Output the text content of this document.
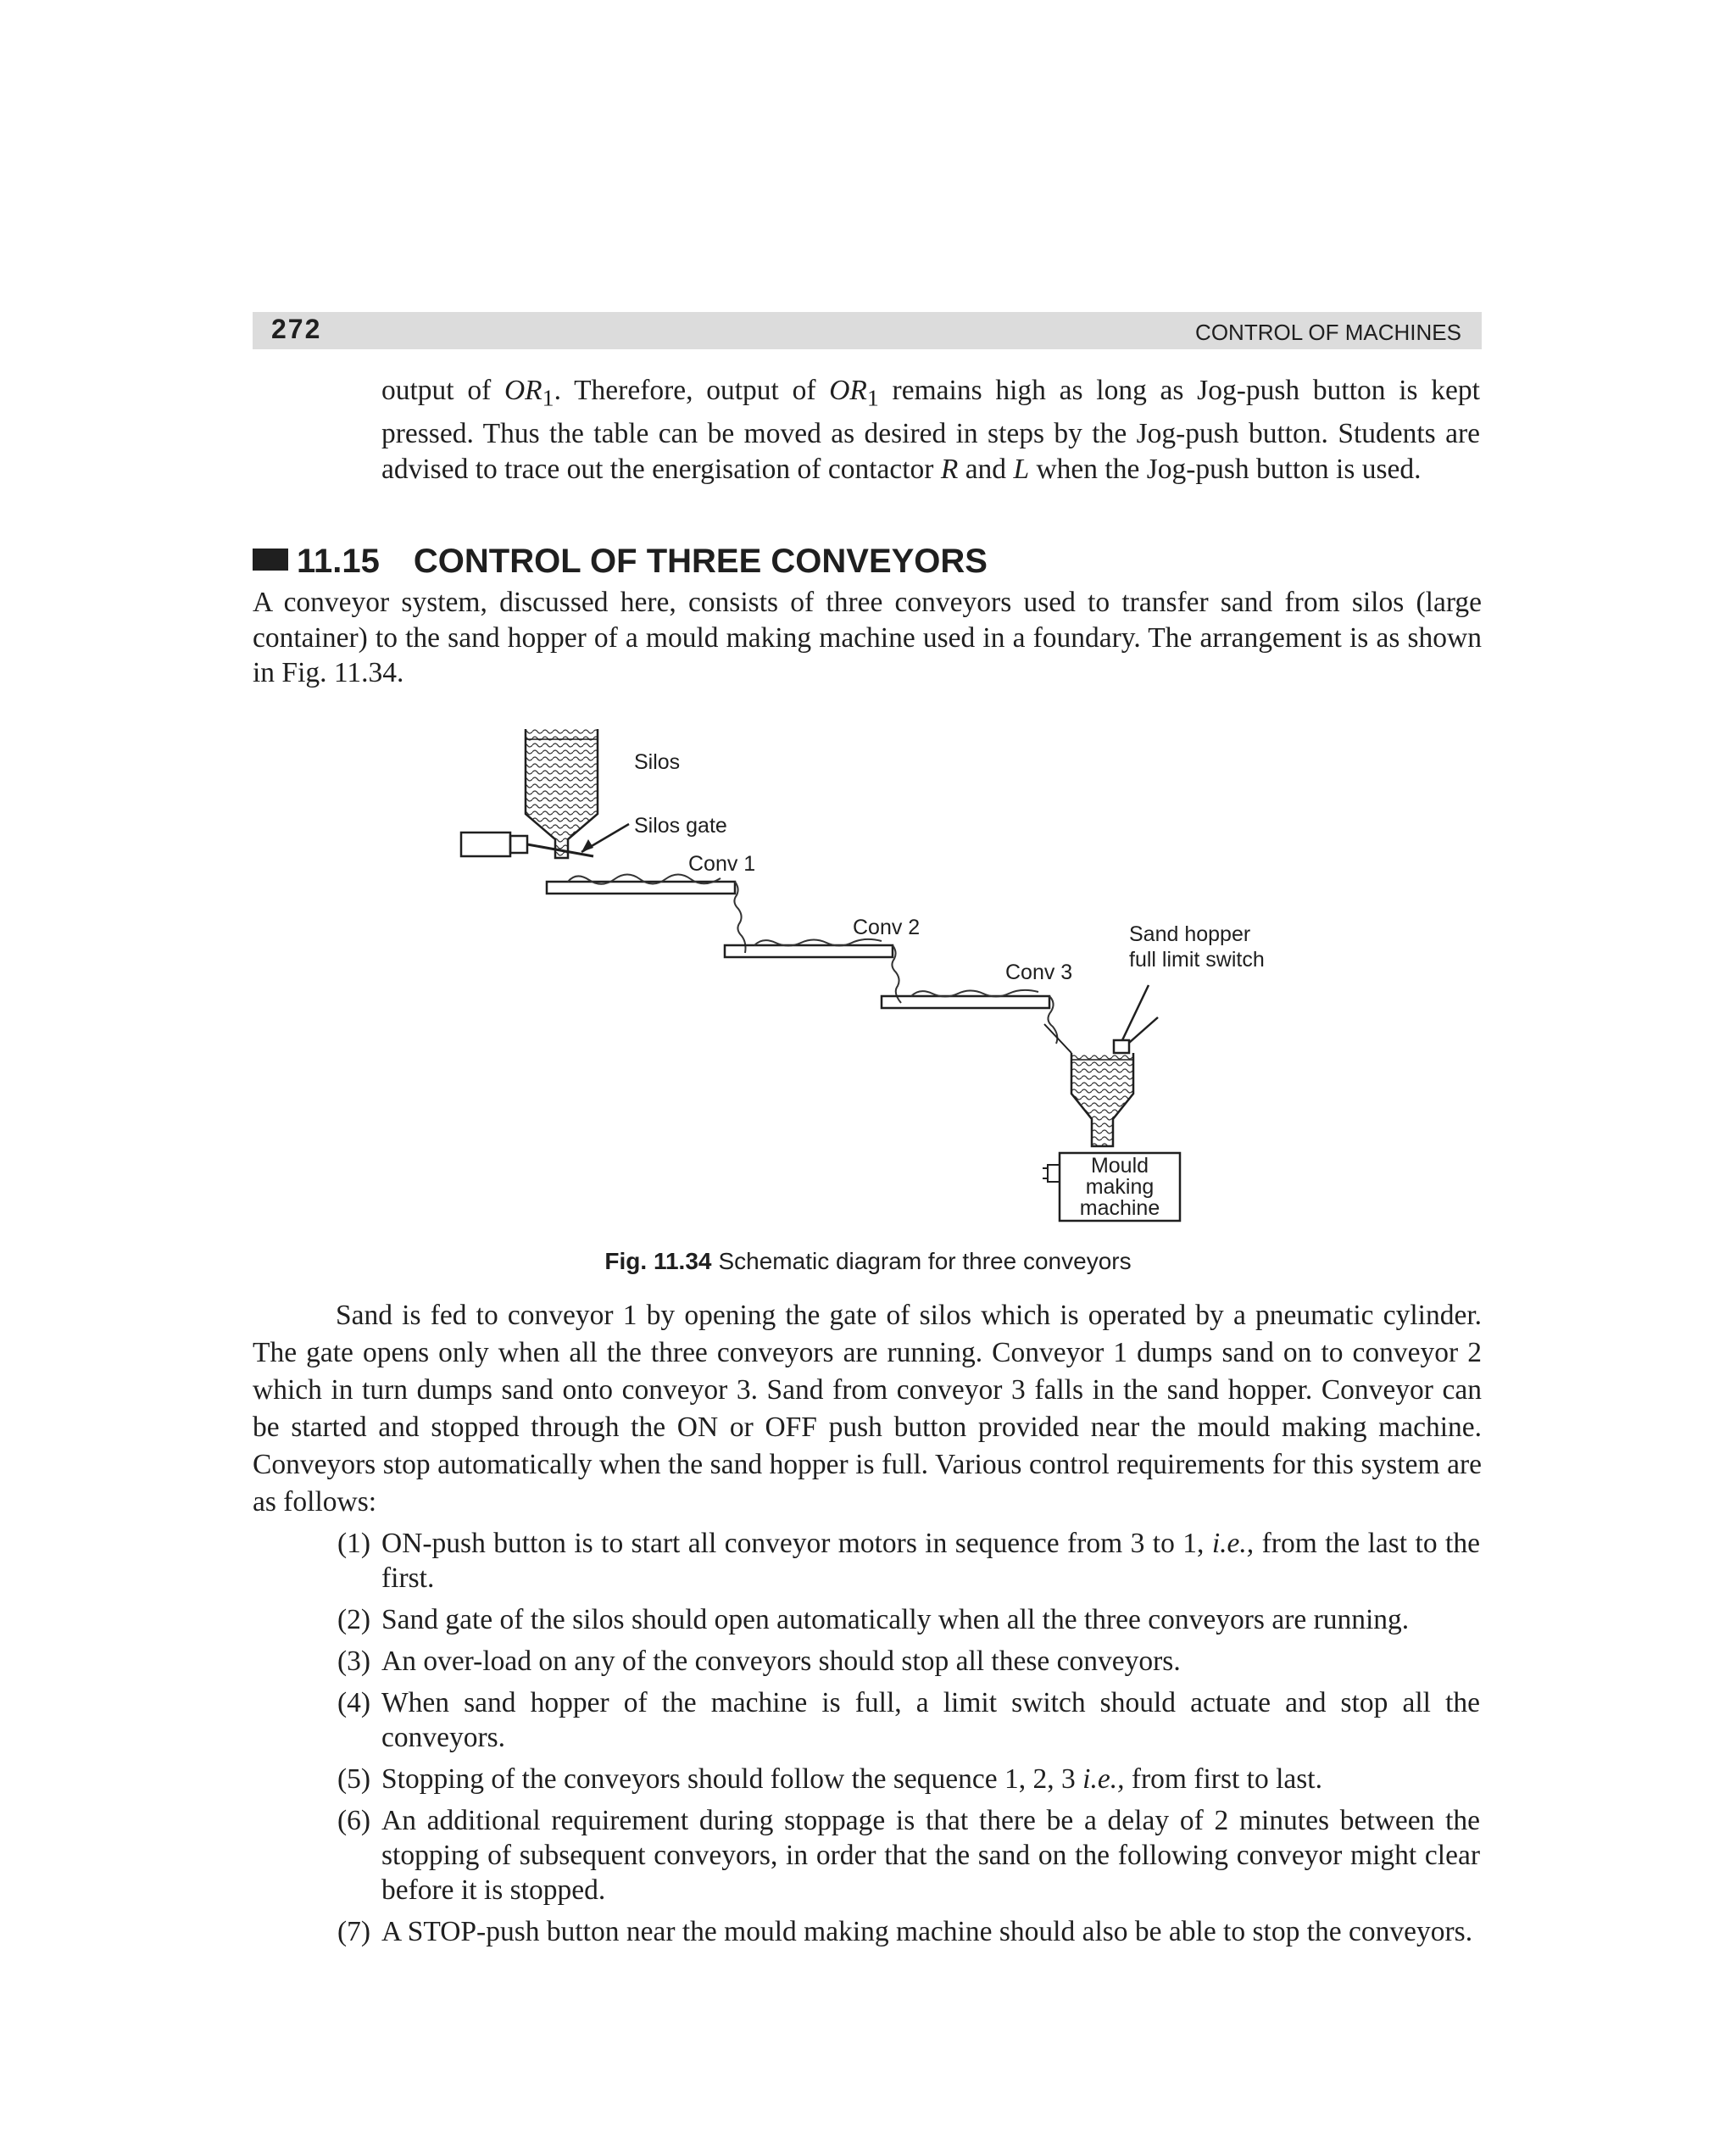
272	CONTROL OF MACHINES

output of $OR_1$. Therefore, output of $OR_1$ remains high as long as Jog-push button is kept pressed. Thus the table can be moved as desired in steps by the Jog-push button. Students are advised to trace out the energisation of contactor R and L when the Jog-push button is used.

11.15 CONTROL OF THREE CONVEYORS

A conveyor system, discussed here, consists of three conveyors used to transfer sand from silos (large container) to the sand hopper of a mould making machine used in a foundary. The arrangement is as shown in Fig. 11.34.

Silos
Silos gate
Conv 1
Conv 2
Conv 3
Sand hopper
full limit switch
Mould
making
machine
Fig. 11.34 Schematic diagram for three conveyors

Sand is fed to conveyor 1 by opening the gate of silos which is operated by a pneumatic cylinder. The gate opens only when all the three conveyors are running. Conveyor 1 dumps sand on to conveyor 2 which in turn dumps sand onto conveyor 3. Sand from conveyor 3 falls in the sand hopper. Conveyor can be started and stopped through the ON or OFF push button provided near the mould making machine. Conveyors stop automatically when the sand hopper is full. Various control requirements for this system are as follows:

(1) ON-push button is to start all conveyor motors in sequence from 3 to 1, i.e., from the last to the first.
(2) Sand gate of the silos should open automatically when all the three conveyors are running.
(3) An over-load on any of the conveyors should stop all these conveyors.
(4) When sand hopper of the machine is full, a limit switch should actuate and stop all the conveyors.
(5) Stopping of the conveyors should follow the sequence 1, 2, 3 i.e., from first to last.
(6) An additional requirement during stoppage is that there be a delay of 2 minutes between the stopping of subsequent conveyors, in order that the sand on the following conveyor might clear before it is stopped.
(7) A STOP-push button near the mould making machine should also be able to stop the conveyors.
